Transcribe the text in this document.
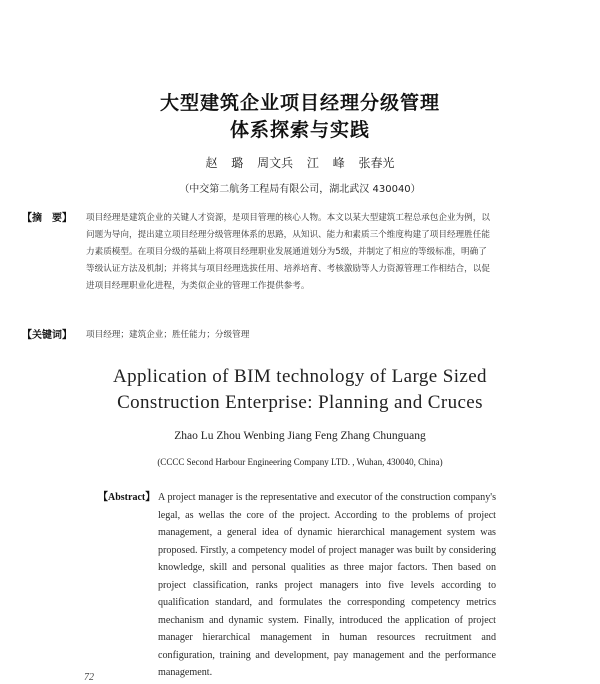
大型建筑企业项目经理分级管理
体系探索与实践
赵 璐 周文兵 江 峰 张春光
（中交第二航务工程局有限公司，湖北武汉 430040）
【摘　要】	项目经理是建筑企业的关键人才资源，是项目管理的核心人物。本文以某大型建筑工程总承包企业为例，以问题为导向，提出建立项目经理分级管理体系的思路，从知识、能力和素质三个维度构建了项目经理胜任能力素质模型。在项目分级的基础上将项目经理职业发展通道划分为5级，并制定了相应的等级标准，明确了等级认证方法及机制；并将其与项目经理选拔任用、培养培育、考核激励等人力资源管理工作相结合，以促进项目经理职业化进程，为类似企业的管理工作提供参考。
【关键词】	项目经理；建筑企业；胜任能力；分级管理
Application of BIM technology of Large Sized
Construction Enterprise: Planning and Cruces
Zhao Lu Zhou Wenbing Jiang Feng Zhang Chunguang
(CCCC Second Harbour Engineering Company LTD. , Wuhan, 430040, China)
【Abstract】 A project manager is the representative and executor of the construction company's legal, as wellas the core of the project. According to the problems of project management, a general idea of dynamic hierarchical management system was proposed. Firstly, a competency model of project manager was built by considering knowledge, skill and personal qualities as three major factors. Then based on project classification, ranks project managers into five levels according to qualification standard, and formulates the corresponding competency metrics mechanism and dynamic system. Finally, introduced the application of project manager hierarchical management in human resources recruitment and configuration, training and development, pay management and the performance management.
72
